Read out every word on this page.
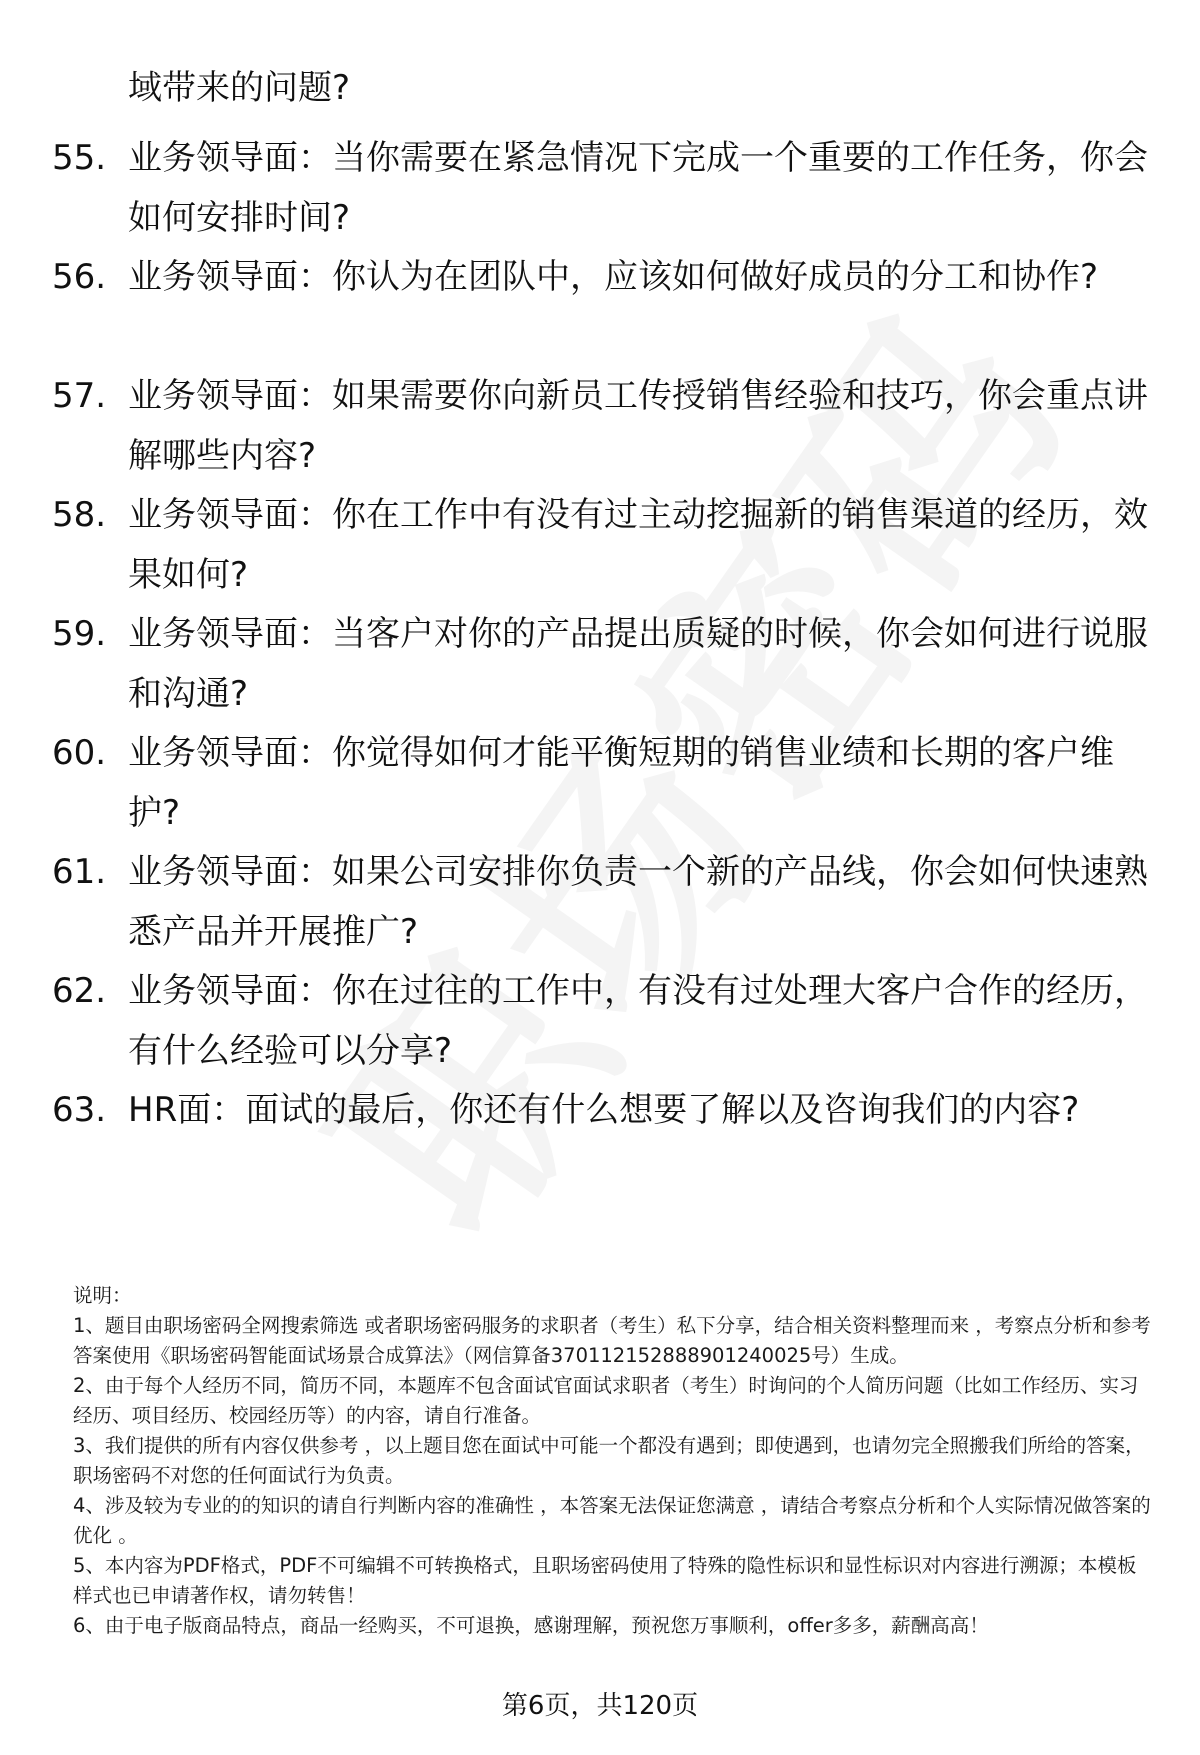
域带来的问题?
55. 业务领导面：当你需要在紧急情况下完成一个重要的工作任务，你会如何安排时间?
56. 业务领导面：你认为在团队中，应该如何做好成员的分工和协作?
57. 业务领导面：如果需要你向新员工传授销售经验和技巧，你会重点讲解哪些内容?
58. 业务领导面：你在工作中有没有过主动挖掘新的销售渠道的经历，效果如何?
59. 业务领导面：当客户对你的产品提出质疑的时候，你会如何进行说服和沟通?
60. 业务领导面：你觉得如何才能平衡短期的销售业绩和长期的客户维护?
61. 业务领导面：如果公司安排你负责一个新的产品线，你会如何快速熟悉产品并开展推广?
62. 业务领导面：你在过往的工作中，有没有过处理大客户合作的经历，有什么经验可以分享?
63. HR面：面试的最后，你还有什么想要了解以及咨询我们的内容?

说明：

1、题目由职场密码全网搜索筛选 或者职场密码服务的求职者（考生）私下分享，结合相关资料整理而来 ，考察点分析和参考答案使用《职场密码智能面试场景合成算法》（网信算备370112152888901240025号）生成。

2、由于每个人经历不同，简历不同，本题库不包含面试官面试求职者（考生）时询问的个人简历问题（比如工作经历、实习经历、项目经历、校园经历等）的内容，请自行准备。

3、我们提供的所有内容仅供参考 ，以上题目您在面试中可能一个都没有遇到；即使遇到，也请勿完全照搬我们所给的答案，职场密码不对您的任何面试行为负责。

4、涉及较为专业的的知识的请自行判断内容的准确性 ，本答案无法保证您满意 ，请结合考察点分析和个人实际情况做答案的优化 。

5、本内容为PDF格式，PDF不可编辑不可转换格式，且职场密码使用了特殊的隐性标识和显性标识对内容进行溯源；本模板样式也已申请著作权，请勿转售！

6、由于电子版商品特点，商品一经购买，不可退换，感谢理解，预祝您万事顺利，offer多多，薪酬高高！

第6页，共120页
